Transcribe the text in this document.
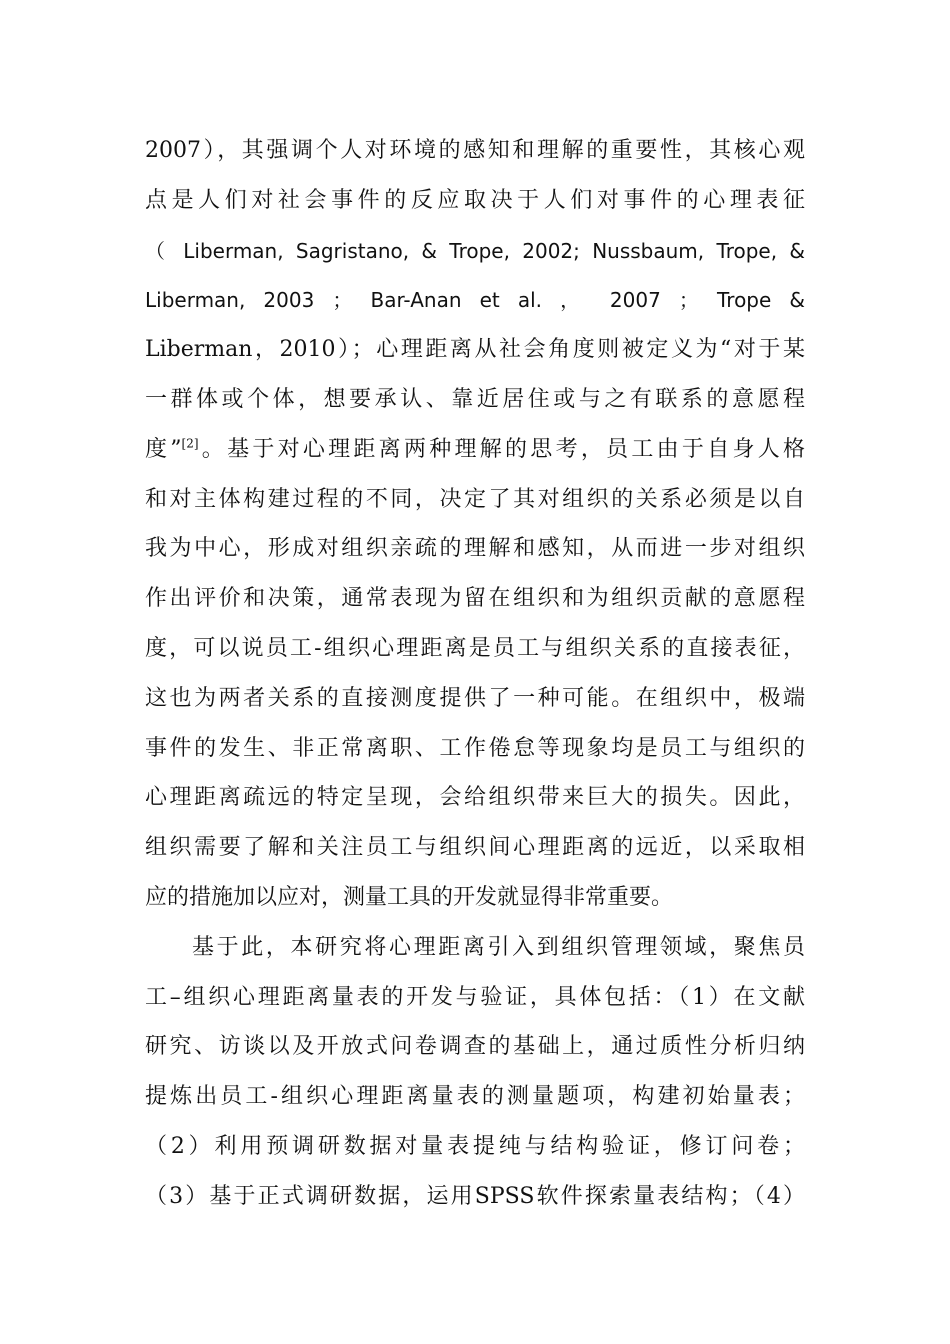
2007），其强调个人对环境的感知和理解的重要性，其核心观
点是人们对社会事件的反应取决于人们对事件的心理表征
（ Liberman, Sagristano, & Trope, 2002; Nussbaum, Trope, &
Liberman, 2003 ； Bar-Anan et al. ， 2007 ； Trope &
Liberman，2010）；心理距离从社会角度则被定义为“对于某
一群体或个体，想要承认、靠近居住或与之有联系的意愿程
度”[2]。基于对心理距离两种理解的思考，员工由于自身人格
和对主体构建过程的不同，决定了其对组织的关系必须是以自
我为中心，形成对组织亲疏的理解和感知，从而进一步对组织
作出评价和决策，通常表现为留在组织和为组织贡献的意愿程
度，可以说员工-组织心理距离是员工与组织关系的直接表征，
这也为两者关系的直接测度提供了一种可能。在组织中，极端
事件的发生、非正常离职、工作倦怠等现象均是员工与组织的
心理距离疏远的特定呈现，会给组织带来巨大的损失。因此，
组织需要了解和关注员工与组织间心理距离的远近，以采取相
应的措施加以应对，测量工具的开发就显得非常重要。
基于此，本研究将心理距离引入到组织管理领域，聚焦员
工–组织心理距离量表的开发与验证，具体包括：（1）在文献
研究、访谈以及开放式问卷调查的基础上，通过质性分析归纳
提炼出员工-组织心理距离量表的测量题项，构建初始量表；
（2）利用预调研数据对量表提纯与结构验证，修订问卷；
（3）基于正式调研数据，运用SPSS软件探索量表结构；（4）
